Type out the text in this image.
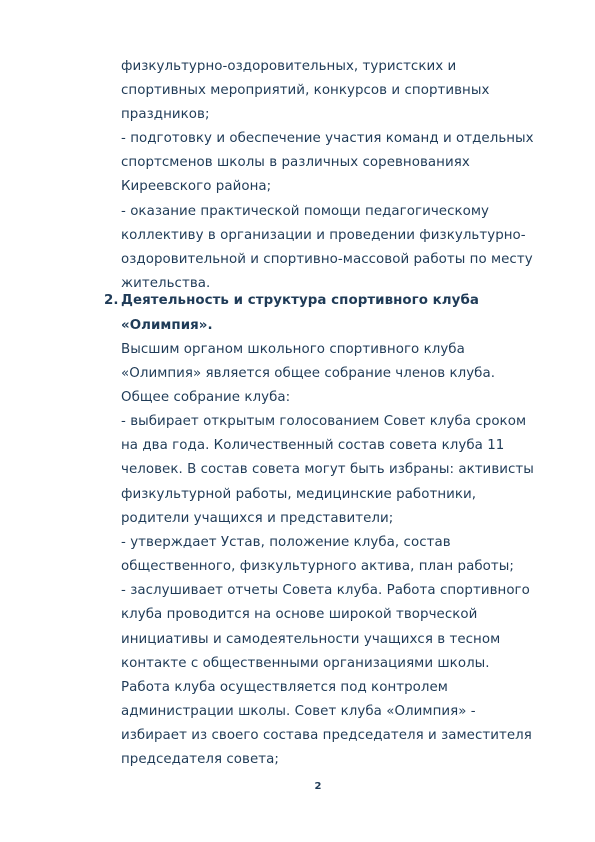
физкультурно-оздоровительных, туристских и
спортивных мероприятий, конкурсов и спортивных
праздников;
- подготовку и обеспечение участия команд и отдельных
спортсменов школы в различных соревнованиях
Киреевского района;
- оказание практической помощи педагогическому
коллективу в организации и проведении физкультурно-
оздоровительной и спортивно-массовой работы по месту
жительства.
2. Деятельность и структура спортивного клуба
«Олимпия».
Высшим органом школьного спортивного клуба
«Олимпия» является общее собрание членов клуба.
Общее собрание клуба:
- выбирает открытым голосованием Совет клуба сроком
на два года. Количественный состав совета клуба 11
человек. В состав совета могут быть избраны: активисты
физкультурной работы, медицинские работники,
родители учащихся и представители;
- утверждает Устав, положение клуба, состав
общественного, физкультурного актива, план работы;
- заслушивает отчеты Совета клуба. Работа спортивного
клуба проводится на основе широкой творческой
инициативы и самодеятельности учащихся в тесном
контакте с общественными организациями школы.
Работа клуба осуществляется под контролем
администрации школы. Совет клуба «Олимпия» -
избирает из своего состава председателя и заместителя
председателя совета;
2
